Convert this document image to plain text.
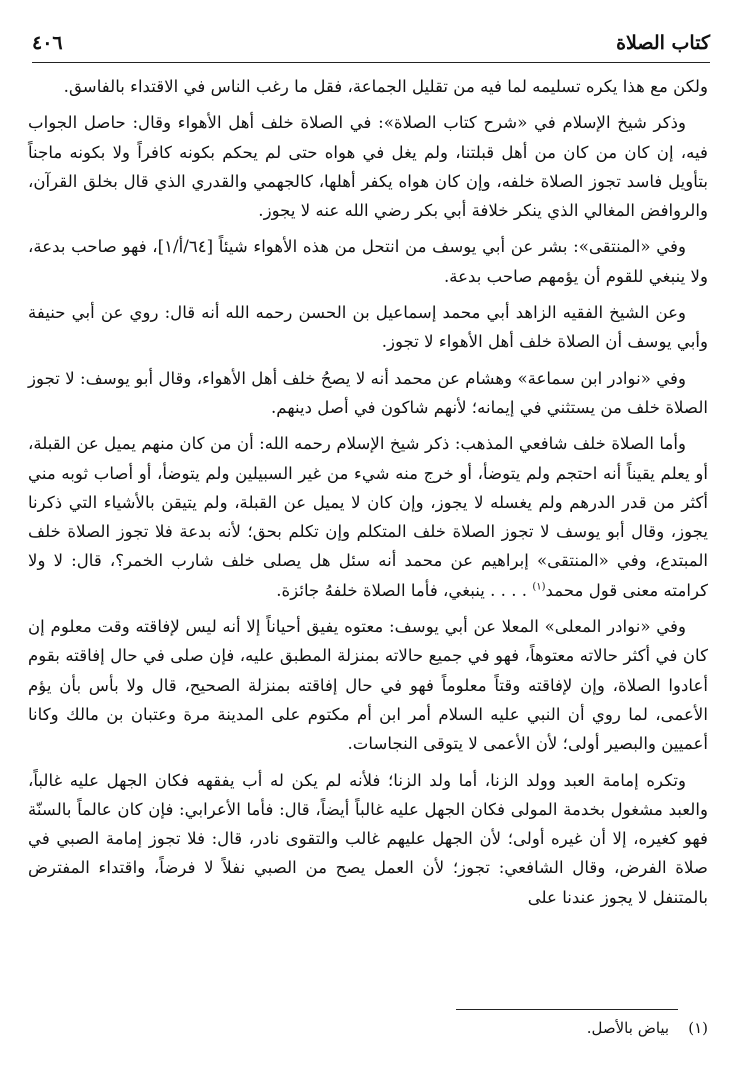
كتاب الصلاة
٤٠٦

ولكن مع هذا يكره تسليمه لما فيه من تقليل الجماعة، فقل ما رغب الناس في الاقتداء بالفاسق.

وذكر شيخ الإسلام في «شرح كتاب الصلاة»: في الصلاة خلف أهل الأهواء وقال: حاصل الجواب فيه، إن كان من كان من أهل قبلتنا، ولم يغل في هواه حتى لم يحكم بكونه كافراً ولا بكونه ماجناً بتأويل فاسد تجوز الصلاة خلفه، وإن كان هواه يكفر أهلها، كالجهمي والقدري الذي قال بخلق القرآن، والروافض المغالي الذي ينكر خلافة أبي بكر رضي الله عنه لا يجوز.

وفي «المنتقى»: بشر عن أبي يوسف من انتحل من هذه الأهواء شيئاً [٦٤/أ/١]، فهو صاحب بدعة، ولا ينبغي للقوم أن يؤمهم صاحب بدعة.

وعن الشيخ الفقيه الزاهد أبي محمد إسماعيل بن الحسن رحمه الله أنه قال: روي عن أبي حنيفة وأبي يوسف أن الصلاة خلف أهل الأهواء لا تجوز.

وفي «نوادر ابن سماعة» وهشام عن محمد أنه لا يصحُ خلف أهل الأهواء، وقال أبو يوسف: لا تجوز الصلاة خلف من يستثني في إيمانه؛ لأنهم شاكون في أصل دينهم.

وأما الصلاة خلف شافعي المذهب: ذكر شيخ الإسلام رحمه الله: أن من كان منهم يميل عن القبلة، أو يعلم يقيناً أنه احتجم ولم يتوضأ، أو خرج منه شيء من غير السبيلين ولم يتوضأ، أو أصاب ثوبه مني أكثر من قدر الدرهم ولم يغسله لا يجوز، وإن كان لا يميل عن القبلة، ولم يتيقن بالأشياء التي ذكرنا يجوز، وقال أبو يوسف لا تجوز الصلاة خلف المتكلم وإن تكلم بحق؛ لأنه بدعة فلا تجوز الصلاة خلف المبتدع، وفي «المنتقى» إبراهيم عن محمد أنه سئل هل يصلى خلف شارب الخمر؟، قال: لا ولا كرامته معنى قول محمد$^{(١)}$ . . . . ينبغي، فأما الصلاة خلفهُ جائزة.

وفي «نوادر المعلى» المعلا عن أبي يوسف: معتوه يفيق أحياناً إلا أنه ليس لإفاقته وقت معلوم إن كان في أكثر حالاته معتوهاً، فهو في جميع حالاته بمنزلة المطبق عليه، فإن صلى في حال إفاقته بقوم أعادوا الصلاة، وإن لإفاقته وقتاً معلوماً فهو في حال إفاقته بمنزلة الصحيح، قال ولا بأس بأن يؤم الأعمى، لما روي أن النبي عليه السلام أمر ابن أم مكتوم على المدينة مرة وعتبان بن مالك وكانا أعميين والبصير أولى؛ لأن الأعمى لا يتوقى النجاسات.

وتكره إمامة العبد وولد الزنا، أما ولد الزنا؛ فلأنه لم يكن له أب يفقهه فكان الجهل عليه غالباً، والعبد مشغول بخدمة المولى فكان الجهل عليه غالباً أيضاً، قال: فأما الأعرابي: فإن كان عالماً بالسنّة فهو كغيره، إلا أن غيره أولى؛ لأن الجهل عليهم غالب والتقوى نادر، قال: فلا تجوز إمامة الصبي في صلاة الفرض، وقال الشافعي: تجوز؛ لأن العمل يصح من الصبي نفلاً لا فرضاً، واقتداء المفترض بالمتنفل لا يجوز عندنا على

(١)    بياض بالأصل.
